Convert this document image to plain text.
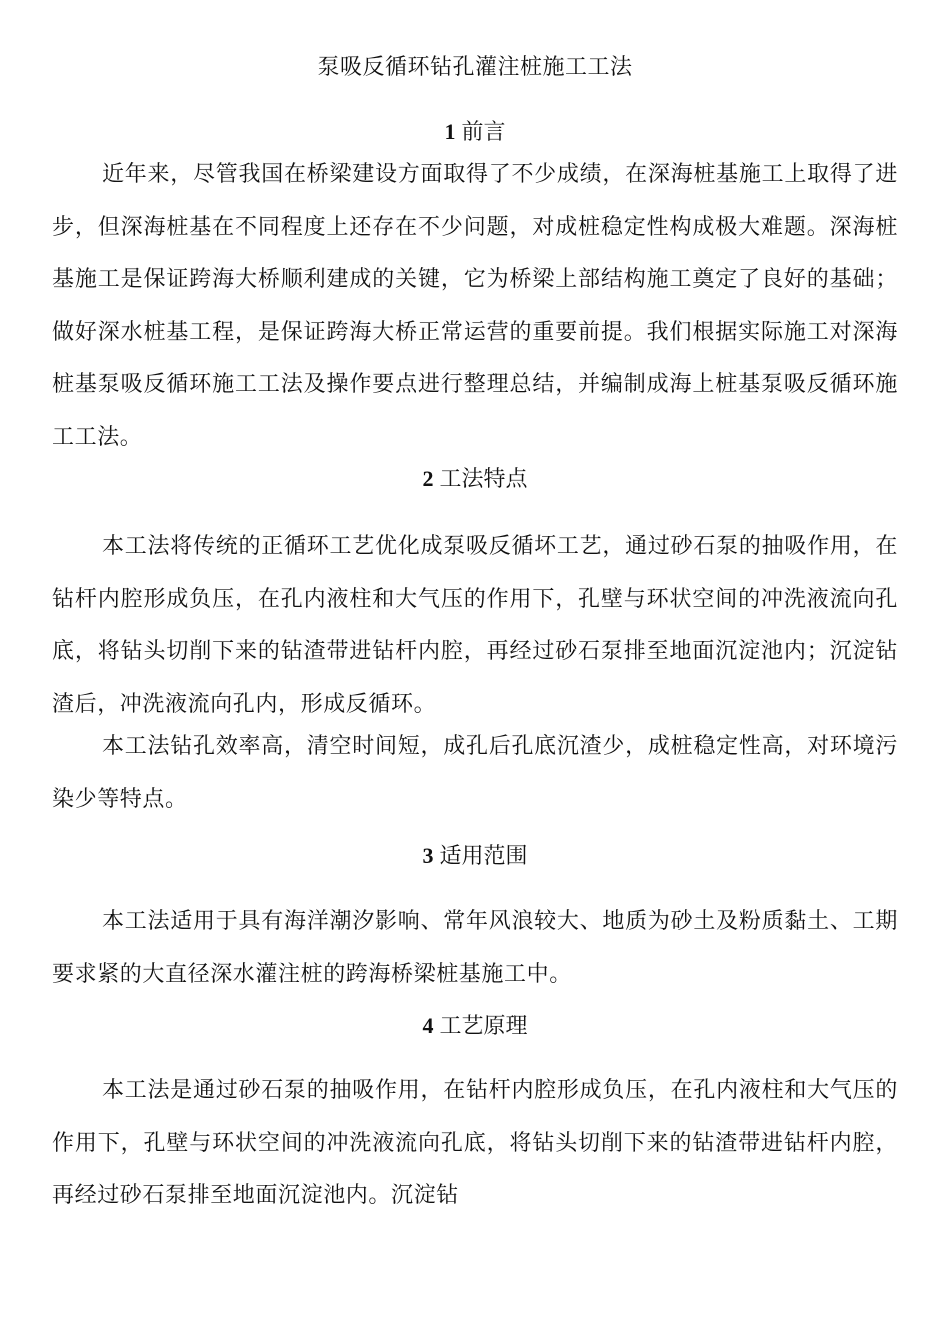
泵吸反循环钻孔灌注桩施工工法
1 前言

近年来，尽管我国在桥梁建设方面取得了不少成绩，在深海桩基施工上取得了进步，但深海桩基在不同程度上还存在不少问题，对成桩稳定性构成极大难题。深海桩基施工是保证跨海大桥顺利建成的关键，它为桥梁上部结构施工奠定了良好的基础；做好深水桩基工程，是保证跨海大桥正常运营的重要前提。我们根据实际施工对深海桩基泵吸反循环施工工法及操作要点进行整理总结，并编制成海上桩基泵吸反循环施工工法。

2 工法特点

本工法将传统的正循环工艺优化成泵吸反循坏工艺，通过砂石泵的抽吸作用，在钻杆内腔形成负压，在孔内液柱和大气压的作用下，孔壁与环状空间的冲洗液流向孔底，将钻头切削下来的钻渣带进钻杆内腔，再经过砂石泵排至地面沉淀池内；沉淀钻渣后，冲洗液流向孔内，形成反循环。

本工法钻孔效率高，清空时间短，成孔后孔底沉渣少，成桩稳定性高，对环境污染少等特点。

3 适用范围

本工法适用于具有海洋潮汐影响、常年风浪较大、地质为砂土及粉质黏土、工期要求紧的大直径深水灌注桩的跨海桥梁桩基施工中。

4 工艺原理

本工法是通过砂石泵的抽吸作用，在钻杆内腔形成负压，在孔内液柱和大气压的作用下，孔壁与环状空间的冲洗液流向孔底，将钻头切削下来的钻渣带进钻杆内腔，再经过砂石泵排至地面沉淀池内。沉淀钻
